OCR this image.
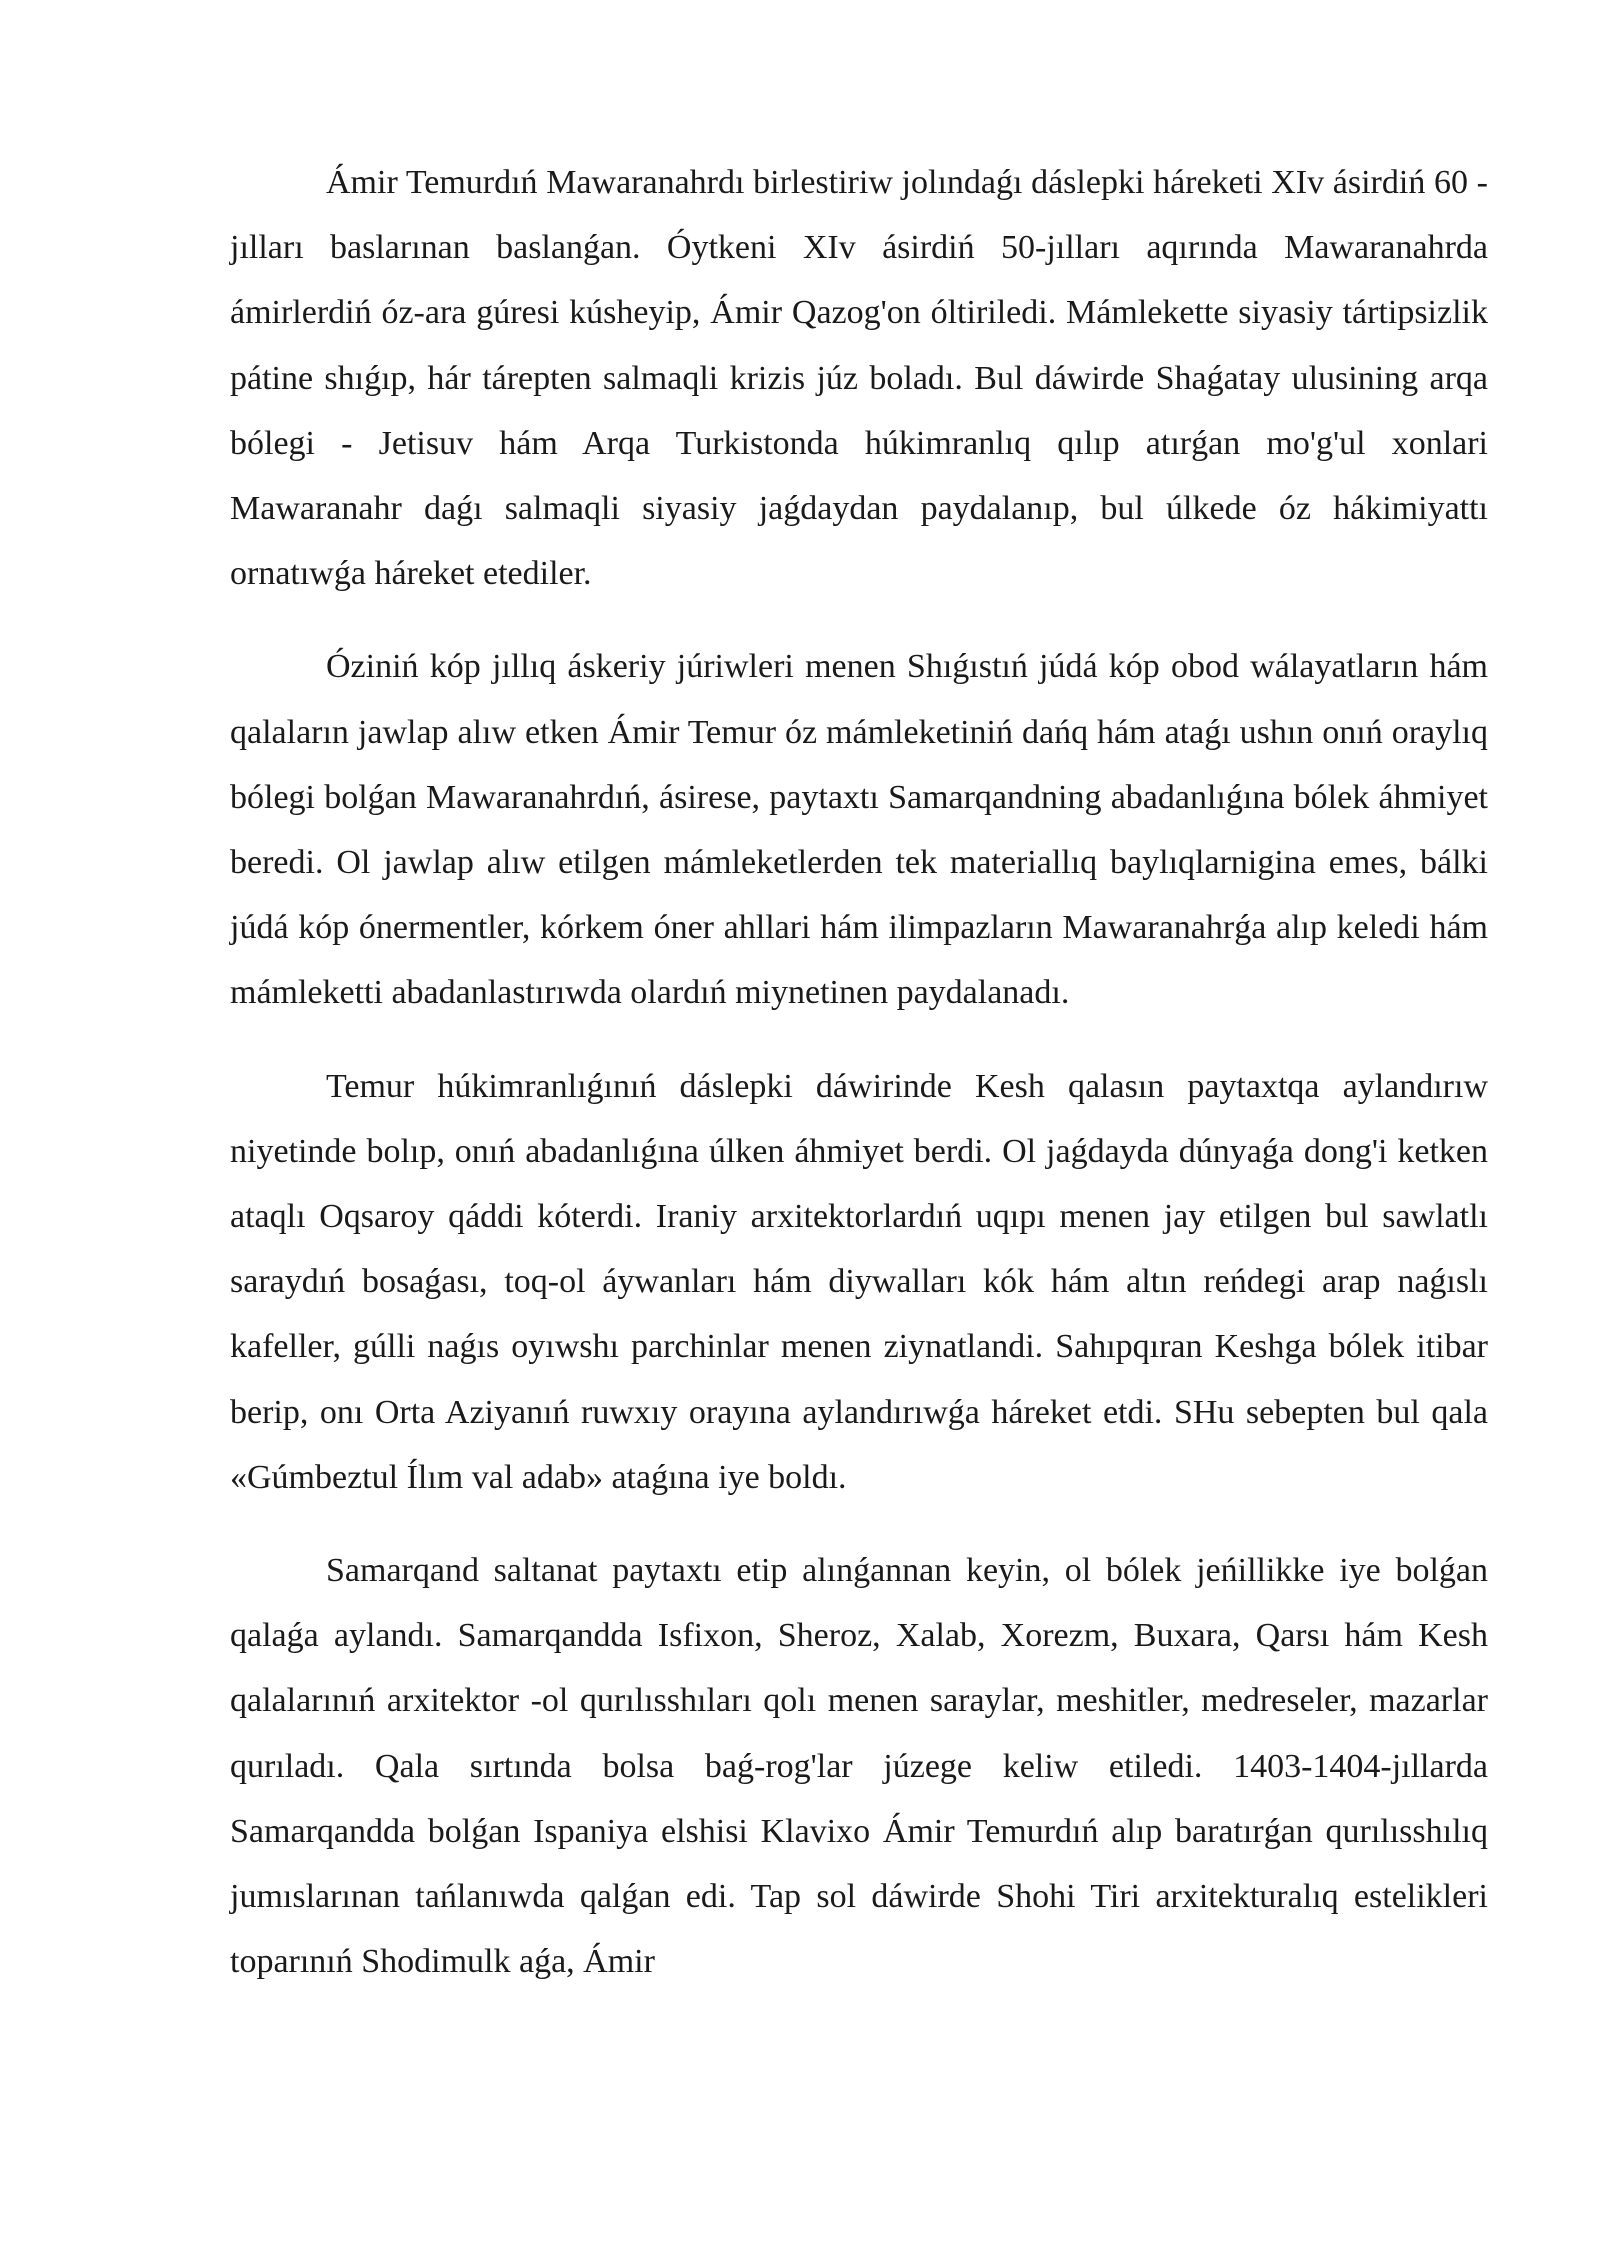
Ámir Temurdıń Mawaranahrdı birlestiriw jolındaǵı dáslepki háreketi XIv ásirdiń 60 -jılları baslarınan baslanǵan. Óytkeni XIv ásirdiń 50-jılları aqırında Mawaranahrda ámirlerdiń óz-ara gúresi kúsheyip, Ámir Qazog'on óltiriledi. Mámlekette siyasiy tártipsizlik pátine shıǵıp, hár tárepten salmaqli krizis júz boladı. Bul dáwirde Shaǵatay ulusining arqa bólegi - Jetisuv hám Arqa Turkistonda húkimranlıq qılıp atırǵan mo'g'ul xonlari Mawaranahr daǵı salmaqli siyasiy jaǵdaydan paydalanıp, bul úlkede óz hákimiyattı ornatıwǵa háreket etediler.

Óziniń kóp jıllıq áskeriy júriwleri menen Shıǵıstıń júdá kóp obod wálayatların hám qalaların jawlap alıw etken Ámir Temur óz mámleketiniń dańq hám ataǵı ushın onıń oraylıq bólegi bolǵan Mawaranahrdıń, ásirese, paytaxtı Samarqandning abadanlıǵına bólek áhmiyet beredi. Ol jawlap alıw etilgen mámleketlerden tek materiallıq baylıqlarnigina emes, bálki júdá kóp ónermentler, kórkem óner ahllari hám ilimpazların Mawaranahrǵa alıp keledi hám mámleketti abadanlastırıwda olardıń miynetinen paydalanadı.

Temur húkimranlıǵınıń dáslepki dáwirinde Kesh qalasın paytaxtqa aylandırıw niyetinde bolıp, onıń abadanlıǵına úlken áhmiyet berdi. Ol jaǵdayda dúnyaǵa dong'i ketken ataqlı Oqsaroy qáddi kóterdi. Iraniy arxitektorlardıń uqıpı menen jay etilgen bul sawlatlı saraydıń bosaǵası, toq-ol áywanları hám diywalları kók hám altın reńdegi arap naǵıslı kafeller, gúlli naǵıs oyıwshı parchinlar menen ziynatlandi. Sahıpqıran Keshga bólek itibar berip, onı Orta Aziyanıń ruwxıy orayına aylandırıwǵa háreket etdi. SHu sebepten bul qala «Gúmbeztul Ílım val adab» ataǵına iye boldı.

Samarqand saltanat paytaxtı etip alınǵannan keyin, ol bólek jeńillikke iye bolǵan qalaǵa aylandı. Samarqandda Isfixon, Sheroz, Xalab, Xorezm, Buxara, Qarsı hám Kesh qalalarınıń arxitektor -ol qurılısshıları qolı menen saraylar, meshitler, medreseler, mazarlar qurıladı. Qala sırtında bolsa baǵ-rog'lar júzege keliw etiledi. 1403-1404-jıllarda Samarqandda bolǵan Ispaniya elshisi Klavixo Ámir Temurdıń alıp baratırǵan qurılısshılıq jumıslarınan tańlanıwda qalǵan edi. Tap sol dáwirde Shohi Tiri arxitekturalıq estelikleri toparınıń Shodimulk aǵa, Ámir
